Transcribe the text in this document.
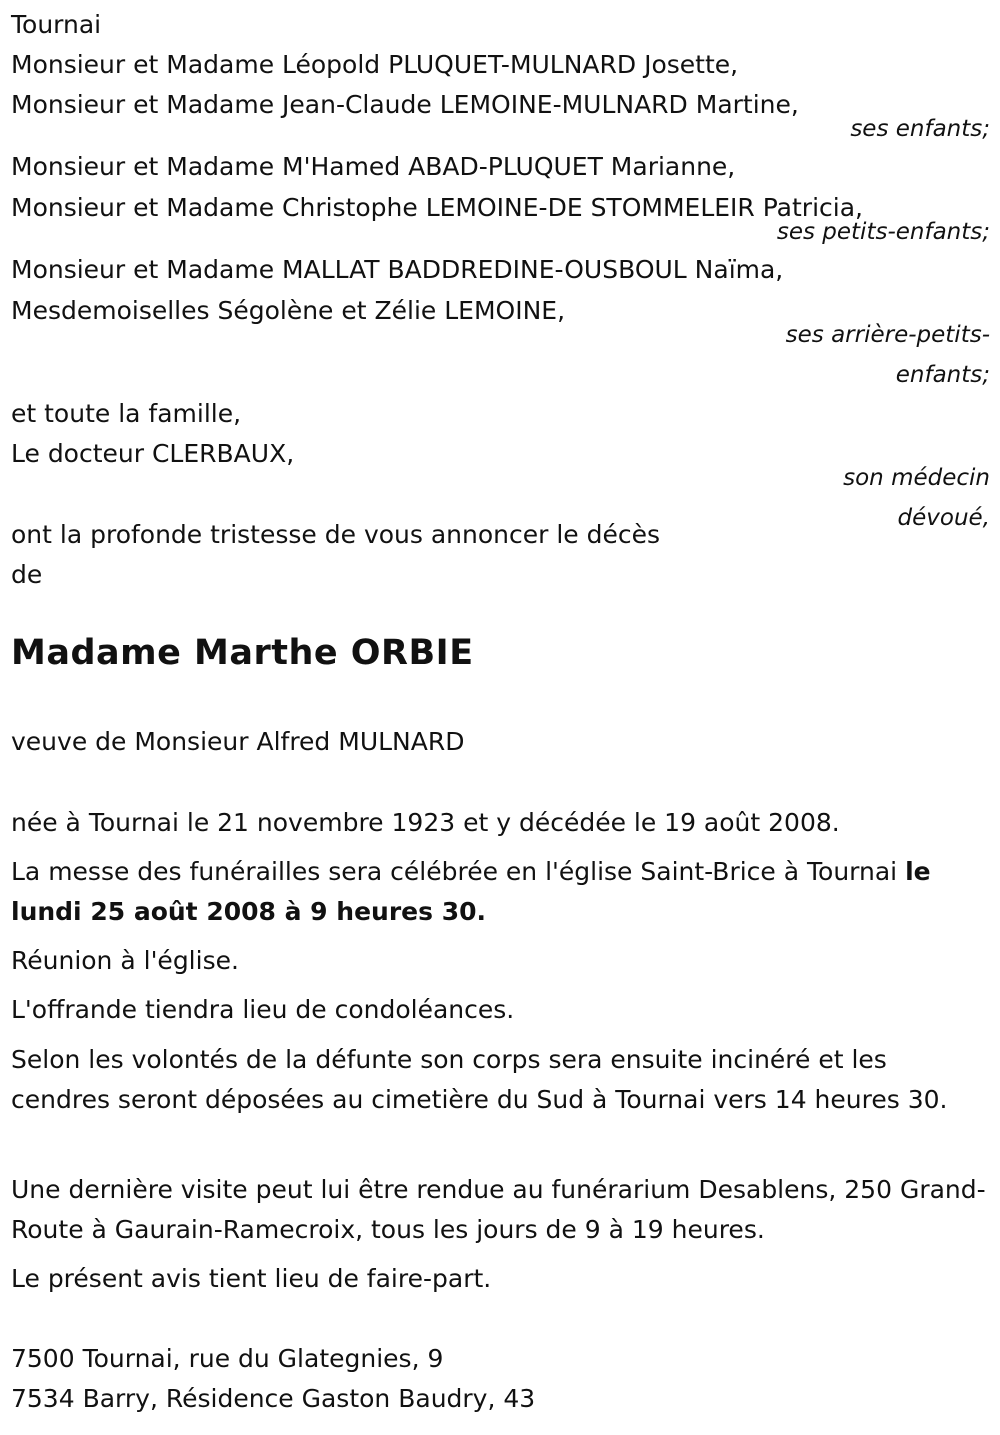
Tournai
Monsieur et Madame Léopold PLUQUET-MULNARD Josette,
Monsieur et Madame Jean-Claude LEMOINE-MULNARD Martine,
ses enfants;
Monsieur et Madame M'Hamed ABAD-PLUQUET Marianne,
Monsieur et Madame Christophe LEMOINE-DE STOMMELEIR Patricia,
ses petits-enfants;
Monsieur et Madame MALLAT BADDREDINE-OUSBOUL Naïma,
Mesdemoiselles Ségolène et Zélie LEMOINE,
ses arrière-petits-
enfants;
et toute la famille,
Le docteur CLERBAUX,
son médecin
dévoué,
ont la profonde tristesse de vous annoncer le décès
de
Madame Marthe ORBIE
veuve de Monsieur Alfred MULNARD
née à Tournai le 21 novembre 1923 et y décédée le 19 août 2008.
La messe des funérailles sera célébrée en l'église Saint-Brice à Tournai le lundi 25 août 2008 à 9 heures 30.
Réunion à l'église.
L'offrande tiendra lieu de condoléances.
Selon les volontés de la défunte son corps sera ensuite incinéré et les cendres seront déposées au cimetière du Sud à Tournai vers 14 heures 30.
Une dernière visite peut lui être rendue au funérarium Desablens, 250 Grand-Route à Gaurain-Ramecroix, tous les jours de 9 à 19 heures.
Le présent avis tient lieu de faire-part.
7500 Tournai, rue du Glategnies, 9
7534 Barry, Résidence Gaston Baudry, 43
